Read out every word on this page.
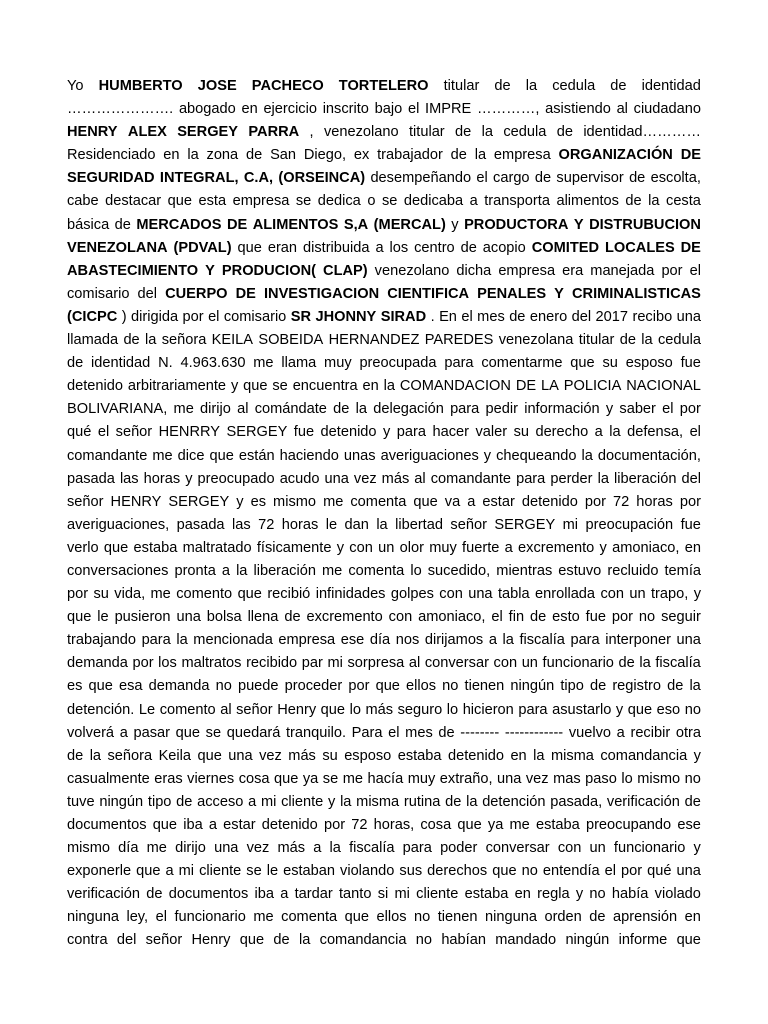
Yo HUMBERTO JOSE PACHECO TORTELERO titular de la cedula de identidad
…………………. abogado en ejercicio inscrito bajo el IMPRE …………, asistiendo al ciudadano
HENRY ALEX SERGEY PARRA , venezolano titular de la cedula de identidad…………
Residenciado en la zona de San Diego, ex trabajador de la empresa ORGANIZACIÓN DE
SEGURIDAD INTEGRAL, C.A, (ORSEINCA) desempeñando el cargo de supervisor de escolta,
cabe destacar que esta empresa se dedica o se dedicaba a transporta alimentos de la cesta
básica de MERCADOS DE ALIMENTOS S,A (MERCAL) y PRODUCTORA Y DISTRUBUCION
VENEZOLANA (PDVAL) que eran distribuida a los centro de acopio COMITED LOCALES DE
ABASTECIMIENTO Y PRODUCION( CLAP) venezolano dicha empresa era manejada por el
comisario del CUERPO DE INVESTIGACION CIENTIFICA PENALES Y CRIMINALISTICAS
(CICPC ) dirigida por el comisario SR JHONNY SIRAD . En el mes de enero del 2017 recibo una
llamada de la señora KEILA SOBEIDA HERNANDEZ PAREDES venezolana titular de la cedula
de identidad N. 4.963.630 me llama muy preocupada para comentarme que su esposo fue
detenido arbitrariamente y que se encuentra en la COMANDACION DE LA POLICIA NACIONAL
BOLIVARIANA, me dirijo al comándate de la delegación para pedir información y saber el por
qué el señor HENRRY SERGEY fue detenido y para hacer valer su derecho a la defensa, el
comandante me dice que están haciendo unas averiguaciones y chequeando la documentación,
pasada las horas y preocupado acudo una vez más al comandante para perder la liberación del
señor HENRY SERGEY y es mismo me comenta que va a estar detenido por 72 horas por
averiguaciones, pasada las 72 horas le dan la libertad señor SERGEY mi preocupación fue
verlo que estaba maltratado físicamente y con un olor muy fuerte a excremento y amoniaco, en
conversaciones pronta a la liberación me comenta lo sucedido, mientras estuvo recluido temía
por su vida, me comento que recibió infinidades golpes con una tabla enrollada con un trapo, y
que le pusieron una bolsa llena de excremento con amoniaco, el fin de esto fue por no seguir
trabajando para la mencionada empresa ese día nos dirijamos a la fiscalía para interponer una
demanda por los maltratos recibido par mi sorpresa al conversar con un funcionario de la fiscalía
es que esa demanda no puede proceder por que ellos no tienen ningún tipo de registro de la
detención. Le comento al señor Henry que lo más seguro lo hicieron para asustarlo y que eso no
volverá a pasar que se quedará tranquilo. Para el mes de -------- ------------ vuelvo a recibir otra
de la señora Keila que una vez más su esposo estaba detenido en la misma comandancia y
casualmente eras viernes cosa que ya se me hacía muy extraño, una vez mas paso lo mismo no
tuve ningún tipo de acceso a mi cliente y la misma rutina de la detención pasada, verificación de
documentos que iba a estar detenido por 72 horas, cosa que ya me estaba preocupando ese
mismo día me dirijo una vez más a la fiscalía para poder conversar con un funcionario y
exponerle que a mi cliente se le estaban violando sus derechos que no entendía el por qué una
verificación de documentos iba a tardar tanto si mi cliente estaba en regla y no había violado
ninguna ley, el funcionario me comenta que ellos no tienen ninguna orden de aprensión en
contra del señor Henry que de la comandancia no habían mandado ningún informe que
